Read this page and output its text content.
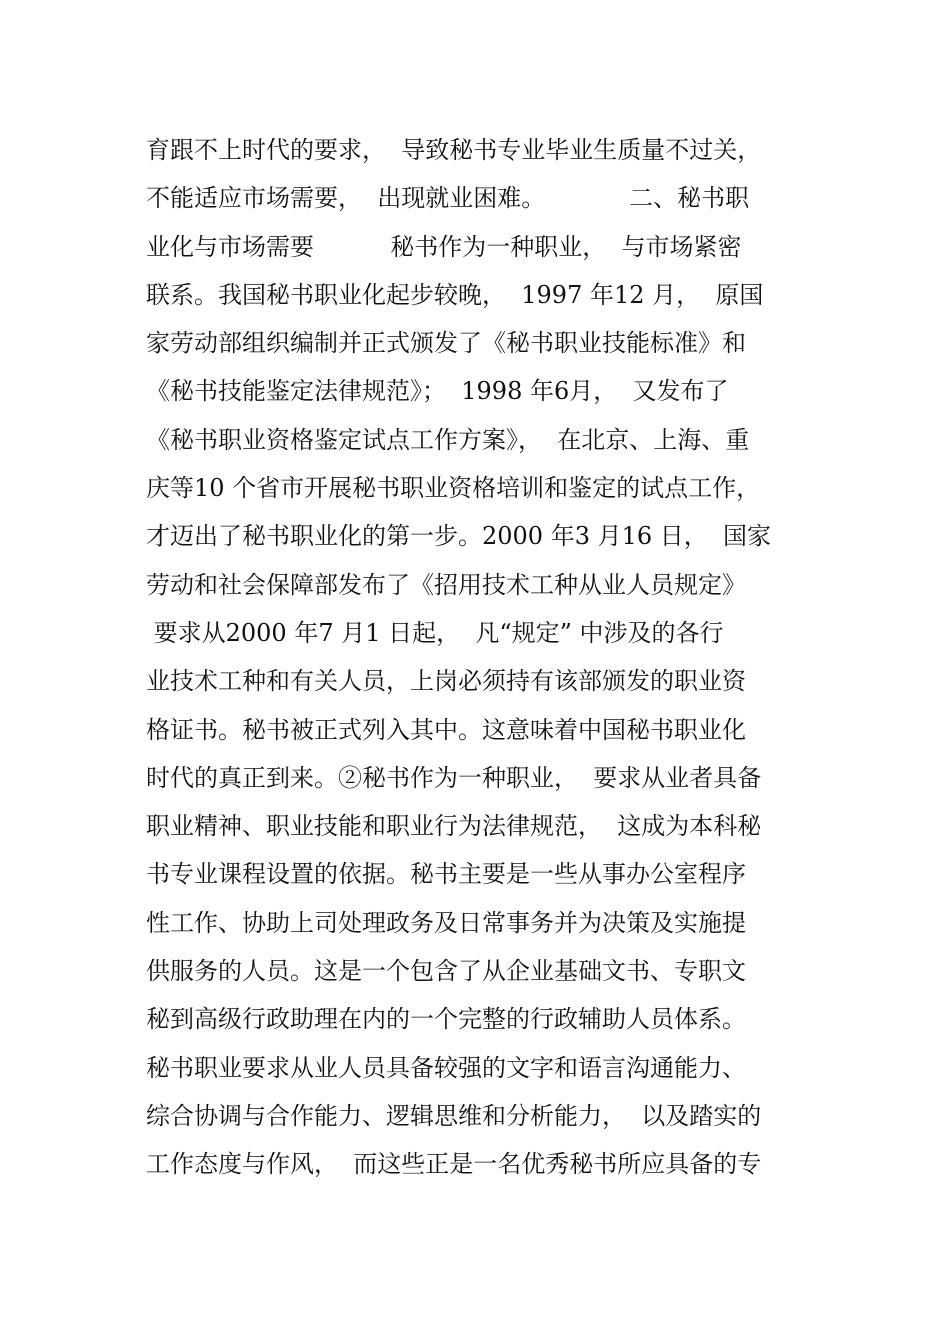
育跟不上时代的要求，  导致秘书专业毕业生质量不过关，
不能适应市场需要，  出现就业困难。           二、秘书职
业化与市场需要          秘书作为一种职业，  与市场紧密
联系。我国秘书职业化起步较晚，  1997 年12 月，  原国
家劳动部组织编制并正式颁发了《秘书职业技能标准》和
《秘书技能鉴定法律规范》；  1998 年6月，  又发布了
《秘书职业资格鉴定试点工作方案》，  在北京、上海、重
庆等10 个省市开展秘书职业资格培训和鉴定的试点工作，
才迈出了秘书职业化的第一步。2000 年3 月16 日，  国家
劳动和社会保障部发布了《招用技术工种从业人员规定》
要求从2000 年7 月1 日起，  凡“规定” 中涉及的各行
业技术工种和有关人员，上岗必须持有该部颁发的职业资
格证书。秘书被正式列入其中。这意味着中国秘书职业化
时代的真正到来。②秘书作为一种职业，  要求从业者具备
职业精神、职业技能和职业行为法律规范，  这成为本科秘
书专业课程设置的依据。秘书主要是一些从事办公室程序
性工作、协助上司处理政务及日常事务并为决策及实施提
供服务的人员。这是一个包含了从企业基础文书、专职文
秘到高级行政助理在内的一个完整的行政辅助人员体系。
秘书职业要求从业人员具备较强的文字和语言沟通能力、
综合协调与合作能力、逻辑思维和分析能力，  以及踏实的
工作态度与作风，  而这些正是一名优秀秘书所应具备的专
